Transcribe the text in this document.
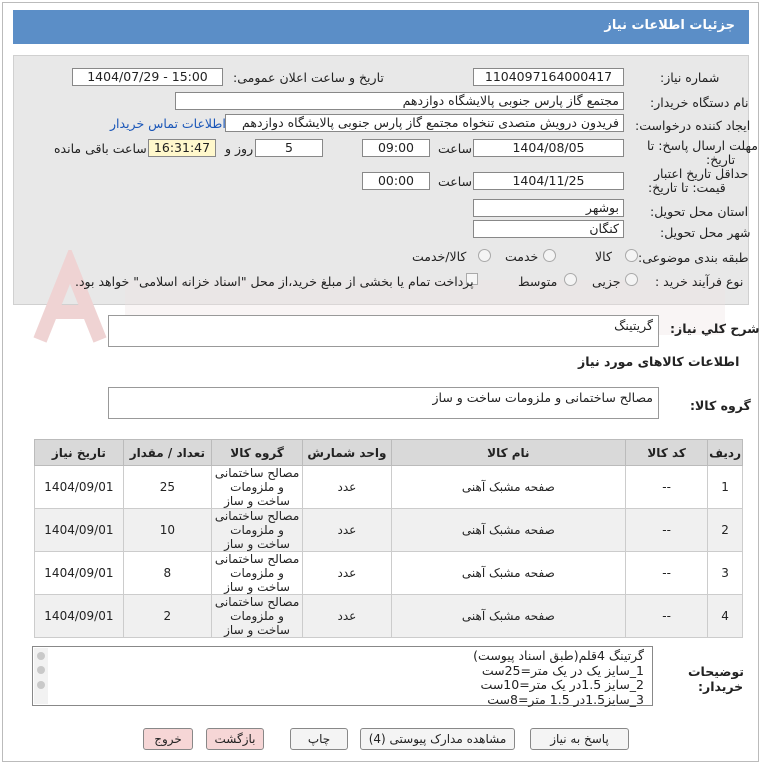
جزئیات اطلاعات نیاز
شماره نیاز:
1104097164000417
تاریخ و ساعت اعلان عمومی:
1404/07/29 - 15:00
نام دستگاه خریدار:
مجتمع گاز پارس جنوبی پالایشگاه دوازدهم
ایجاد کننده درخواست:
فریدون درویش متصدی تنخواه مجتمع گاز پارس جنوبی پالایشگاه دوازدهم
اطلاعات تماس خریدار
مهلت ارسال پاسخ: تا
تاریخ:
1404/08/05
ساعت
09:00
5
روز و
16:31:47
ساعت باقی مانده
حداقل تاریخ اعتبار
قیمت: تا تاریخ:
1404/11/25
ساعت
00:00
استان محل تحویل:
بوشهر
شهر محل تحویل:
کنگان
طبقه بندی موضوعی:
کالا
خدمت
کالا/خدمت
نوع فرآیند خرید :
جزیی
متوسط
پرداخت تمام یا بخشی از مبلغ خرید،از محل "اسناد خزانه اسلامی" خواهد بود.
شرح کلي نياز:
گریتینگ
اطلاعات کالاهای مورد نیاز
گروه کالا:
مصالح ساختمانی و ملزومات ساخت و ساز
ردیف	کد کالا	نام کالا	واحد شمارش	گروه کالا	تعداد / مقدار	تاریخ نیاز
1	--	صفحه مشبک آهنی	عدد	مصالح ساختمانی و ملزومات ساخت و ساز	25	1404/09/01
2	--	صفحه مشبک آهنی	عدد	مصالح ساختمانی و ملزومات ساخت و ساز	10	1404/09/01
3	--	صفحه مشبک آهنی	عدد	مصالح ساختمانی و ملزومات ساخت و ساز	8	1404/09/01
4	--	صفحه مشبک آهنی	عدد	مصالح ساختمانی و ملزومات ساخت و ساز	2	1404/09/01
توضیحات
خریدار:
گرتینگ 4قلم(طبق اسناد پیوست)
1_سایز یک در یک متر=25ست
2_سایز 1.5در یک متر=10ست
3_سایز1.5در 1.5 متر=8ست
پاسخ به نیاز
مشاهده مدارک پیوستی (4)
چاپ
بازگشت
خروج
